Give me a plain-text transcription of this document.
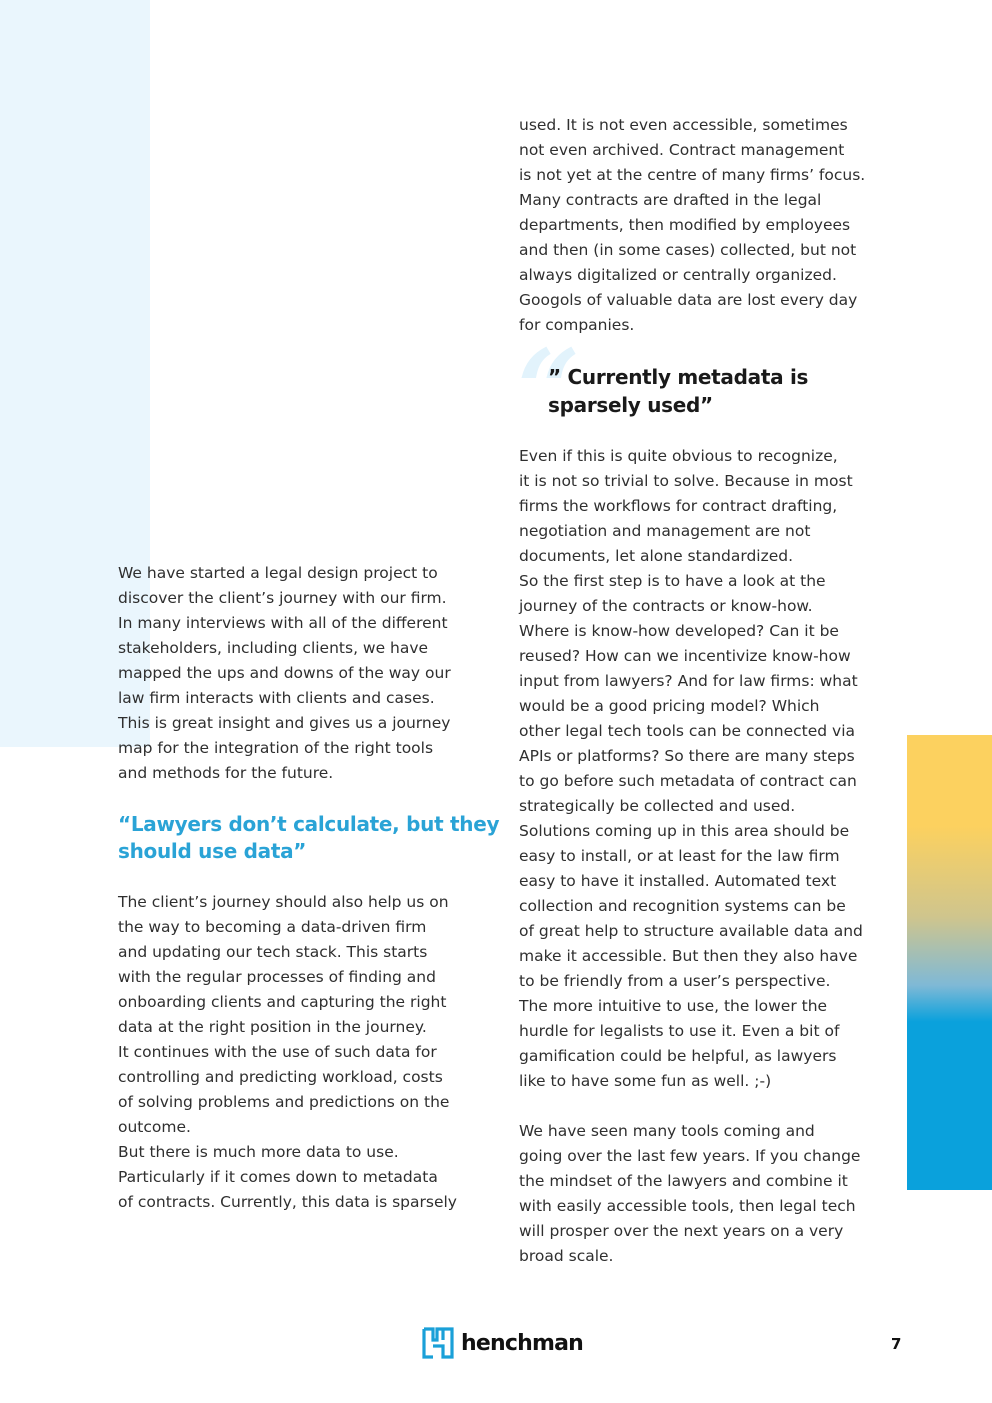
used. It is not even accessible, sometimes

not even archived. Contract management

is not yet at the centre of many firms’ focus.

Many contracts are drafted in the legal

departments, then modified by employees

and then (in some cases) collected, but not

always digitalized or centrally organized.

Googols of valuable data are lost every day

for companies.

“
” Currently metadata is
sparsely used”

Even if this is quite obvious to recognize,

it is not so trivial to solve. Because in most

firms the workflows for contract drafting,

negotiation and management are not

documents, let alone standardized.

So the first step is to have a look at the

journey of the contracts or know-how.

Where is know-how developed? Can it be

reused? How can we incentivize know-how

input from lawyers? And for law firms: what

would be a good pricing model? Which

other legal tech tools can be connected via

APIs or platforms? So there are many steps

to go before such metadata of contract can

strategically be collected and used.

Solutions coming up in this area should be

easy to install, or at least for the law firm

easy to have it installed. Automated text

collection and recognition systems can be

of great help to structure available data and

make it accessible. But then they also have

to be friendly from a user’s perspective.

The more intuitive to use, the lower the

hurdle for legalists to use it. Even a bit of

gamification could be helpful, as lawyers

like to have some fun as well. ;-)

We have seen many tools coming and

going over the last few years. If you change

the mindset of the lawyers and combine it

with easily accessible tools, then legal tech

will prosper over the next years on a very

broad scale.

We have started a legal design project to

discover the client’s journey with our firm.

In many interviews with all of the different

stakeholders, including clients, we have

mapped the ups and downs of the way our

law firm interacts with clients and cases.

This is great insight and gives us a journey

map for the integration of the right tools

and methods for the future.

“Lawyers don’t calculate, but they
should use data”

The client’s journey should also help us on

the way to becoming a data-driven firm

and updating our tech stack. This starts

with the regular processes of finding and

onboarding clients and capturing the right

data at the right position in the journey.

It continues with the use of such data for

controlling and predicting workload, costs

of solving problems and predictions on the

outcome.

But there is much more data to use.

Particularly if it comes down to metadata

of contracts. Currently, this data is sparsely

henchman	7
